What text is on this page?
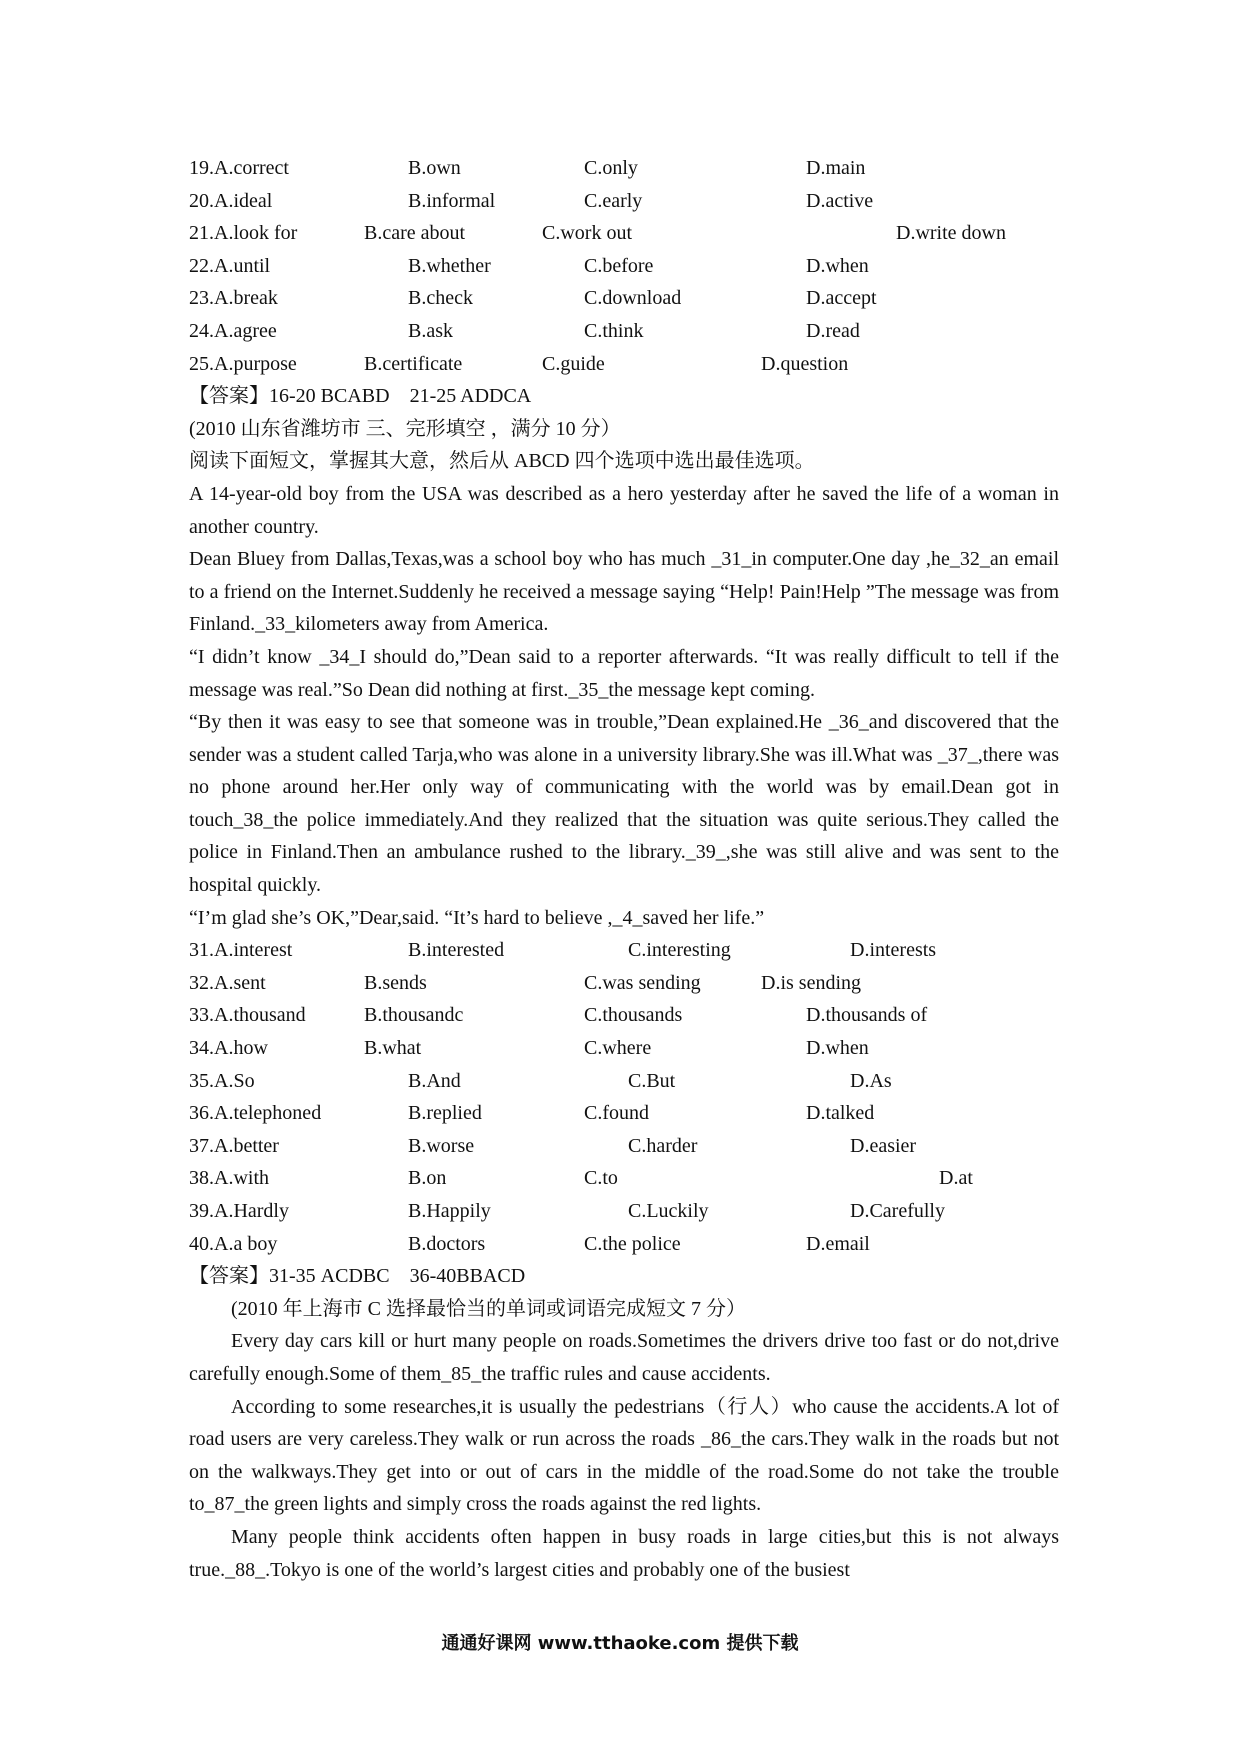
19.A.correct	B.own	C.only	D.main
20.A.ideal	B.informal	C.early	D.active
21.A.look for	B.care about	C.work out	D.write down
22.A.until	B.whether	C.before	D.when
23.A.break	B.check	C.download	D.accept
24.A.agree	B.ask	C.think	D.read
25.A.purpose	B.certificate	C.guide	D.question
【答案】16-20 BCABD    21-25 ADDCA
(2010 山东省潍坊市 三、完形填空 ，满分 10 分）
阅读下面短文，掌握其大意，然后从 ABCD 四个选项中选出最佳选项。
A 14-year-old boy from the USA was described as a hero yesterday after he saved the life of a woman in another country.
Dean Bluey from Dallas,Texas,was a school boy who has much _31_in computer.One day ,he_32_an email to a friend on the Internet.Suddenly he received a message saying “Help! Pain!Help ”The message was from Finland._33_kilometers away from America.
“I didn’t know _34_I should do,”Dean said to a reporter afterwards. “It was really difficult to tell if the message was real.”So Dean did nothing at first._35_the message kept coming.
“By then it was easy to see that someone was in trouble,”Dean explained.He _36_and discovered that the sender was a student called Tarja,who was alone in a university library.She was ill.What was _37_,there was no phone around her.Her only way of communicating with the world was by email.Dean got in touch_38_the police immediately.And they realized that the situation was quite serious.They called the police in Finland.Then an ambulance rushed to the library._39_,she was still alive and was sent to the hospital quickly.
“I’m glad she’s OK,”Dear,said. “It’s hard to believe ,_4_saved her life.”
31.A.interest	B.interested	C.interesting	D.interests
32.A.sent	B.sends	C.was sending	D.is sending
33.A.thousand	B.thousandc	C.thousands	D.thousands of
34.A.how	B.what	C.where	D.when
35.A.So	B.And	C.But	D.As
36.A.telephoned	B.replied	C.found	D.talked
37.A.better	B.worse	C.harder	D.easier
38.A.with	B.on	C.to	D.at
39.A.Hardly	B.Happily	C.Luckily	D.Carefully
40.A.a boy	B.doctors	C.the police	D.email
【答案】31-35 ACDBC    36-40BBACD
(2010 年上海市 C 选择最恰当的单词或词语完成短文 7 分）
Every day cars kill or hurt many people on roads.Sometimes the drivers drive too fast or do not,drive carefully enough.Some of them_85_the traffic rules and cause accidents.
According to some researches,it is usually the pedestrians（行人）who cause the accidents.A lot of road users are very careless.They walk or run across the roads _86_the cars.They walk in the roads but not on the walkways.They get into or out of cars in the middle of the road.Some do not take the trouble to_87_the green lights and simply cross the roads against the red lights.
Many people think accidents often happen in busy roads in large cities,but this is not always true._88_.Tokyo is one of the world’s largest cities and probably one of the busiest
通通好课网 www.tthaoke.com 提供下载
